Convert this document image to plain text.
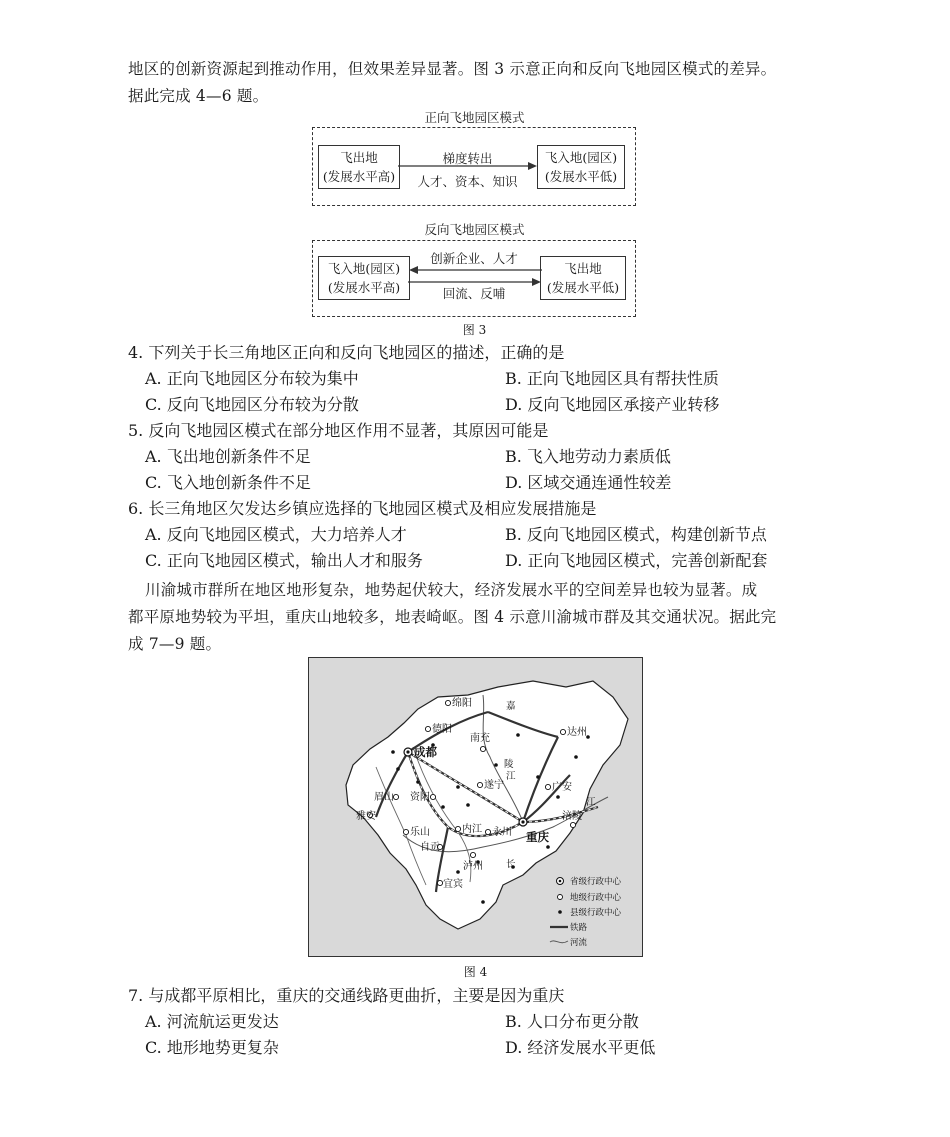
地区的创新资源起到推动作用，但效果差异显著。图 3 示意正向和反向飞地园区模式的差异。
据此完成 4—6 题。
正向飞地园区模式
飞出地
(发展水平高)
飞入地(园区)
(发展水平低)
梯度转出
人才、资本、知识
反向飞地园区模式
飞入地(园区)
(发展水平高)
飞出地
(发展水平低)
创新企业、人才
回流、反哺
图 3
4. 下列关于长三角地区正向和反向飞地园区的描述，正确的是
A. 正向飞地园区分布较为集中	B. 正向飞地园区具有帮扶性质
C. 反向飞地园区分布较为分散	D. 反向飞地园区承接产业转移
5. 反向飞地园区模式在部分地区作用不显著，其原因可能是
A. 飞出地创新条件不足	B. 飞入地劳动力素质低
C. 飞入地创新条件不足	D. 区域交通连通性较差
6. 长三角地区欠发达乡镇应选择的飞地园区模式及相应发展措施是
A. 反向飞地园区模式，大力培养人才	B. 反向飞地园区模式，构建创新节点
C. 正向飞地园区模式，输出人才和服务	D. 正向飞地园区模式，完善创新配套
川渝城市群所在地区地形复杂，地势起伏较大，经济发展水平的空间差异也较为显著。成
都平原地势较为平坦，重庆山地较多，地表崎岖。图 4 示意川渝城市群及其交通状况。据此完
成 7—9 题。
绵阳
德阳
成都
南充
达州
遂宁	广安
眉山 资阳
雅安
乐山	内江
自贡
永川 重庆
泸州
宜宾
涪陵
嘉
陵
江
长
江
省级行政中心
地级行政中心
县级行政中心
铁路
河流
图 4
7. 与成都平原相比，重庆的交通线路更曲折，主要是因为重庆
A. 河流航运更发达	B. 人口分布更分散
C. 地形地势更复杂	D. 经济发展水平更低
